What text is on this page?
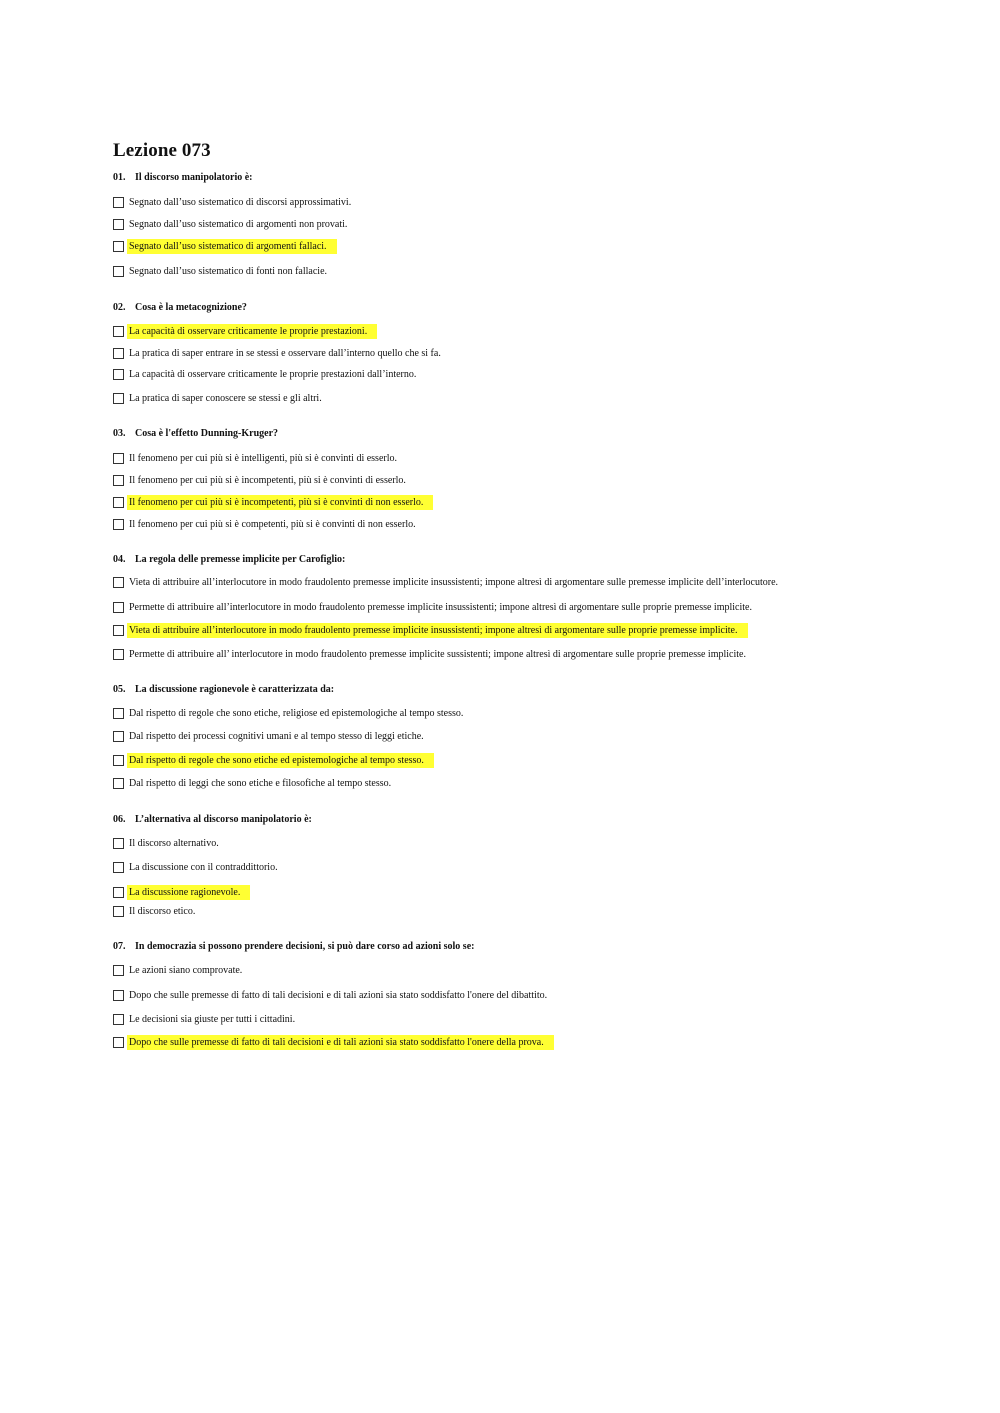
Lezione 073
01. Il discorso manipolatorio è:
Segnato dall’uso sistematico di discorsi approssimativi.
Segnato dall’uso sistematico di argomenti non provati.
Segnato dall’uso sistematico di argomenti fallaci.
Segnato dall’uso sistematico di fonti non fallacie.
02. Cosa è la metacognizione?
La capacità di osservare criticamente le proprie prestazioni.
La pratica di saper entrare in se stessi e osservare dall’interno quello che si fa.
La capacità di osservare criticamente le proprie prestazioni dall’interno.
La pratica di saper conoscere se stessi e gli altri.
03. Cosa è l'effetto Dunning-Kruger?
Il fenomeno per cui più si è intelligenti, più si è convinti di esserlo.
Il fenomeno per cui più si è incompetenti, più si è convinti di esserlo.
Il fenomeno per cui più si è incompetenti, più si è convinti di non esserlo.
Il fenomeno per cui più si è competenti, più si è convinti di non esserlo.
04. La regola delle premesse implicite per Carofiglio:
Vieta di attribuire all’interlocutore in modo fraudolento premesse implicite insussistenti; impone altresì di argomentare sulle premesse implicite dell’interlocutore.
Permette di attribuire all’interlocutore in modo fraudolento premesse implicite insussistenti; impone altresì di argomentare sulle proprie premesse implicite.
Vieta di attribuire all’interlocutore in modo fraudolento premesse implicite insussistenti; impone altresì di argomentare sulle proprie premesse implicite.
Permette di attribuire all’ interlocutore in modo fraudolento premesse implicite sussistenti; impone altresì di argomentare sulle proprie premesse implicite.
05. La discussione ragionevole è caratterizzata da:
Dal rispetto di regole che sono etiche, religiose ed epistemologiche al tempo stesso.
Dal rispetto dei processi cognitivi umani e al tempo stesso di leggi etiche.
Dal rispetto di regole che sono etiche ed epistemologiche al tempo stesso.
Dal rispetto di leggi che sono etiche e filosofiche al tempo stesso.
06. L’alternativa al discorso manipolatorio è:
Il discorso alternativo.
La discussione con il contraddittorio.
La discussione ragionevole.
Il discorso etico.
07. In democrazia si possono prendere decisioni, si può dare corso ad azioni solo se:
Le azioni siano comprovate.
Dopo che sulle premesse di fatto di tali decisioni e di tali azioni sia stato soddisfatto l'onere del dibattito.
Le decisioni sia giuste per tutti i cittadini.
Dopo che sulle premesse di fatto di tali decisioni e di tali azioni sia stato soddisfatto l'onere della prova.
